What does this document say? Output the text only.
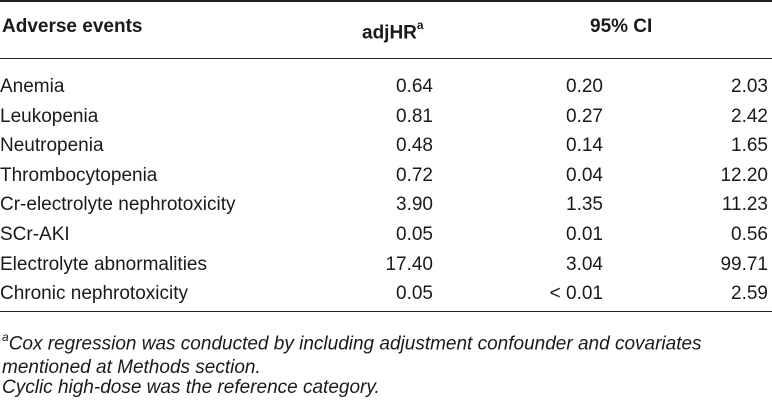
Adverse events	adjHR$^a$	95% CI
Anemia	0.64	0.20	2.03
Leukopenia	0.81	0.27	2.42
Neutropenia	0.48	0.14	1.65
Thrombocytopenia	0.72	0.04	12.20
Cr-electrolyte nephrotoxicity	3.90	1.35	11.23
SCr-AKI	0.05	0.01	0.56
Electrolyte abnormalities	17.40	3.04	99.71
Chronic nephrotoxicity	0.05	< 0.01	2.59
$^a$Cox regression was conducted by including adjustment confounder and covariates mentioned at Methods section.
Cyclic high-dose was the reference category.
